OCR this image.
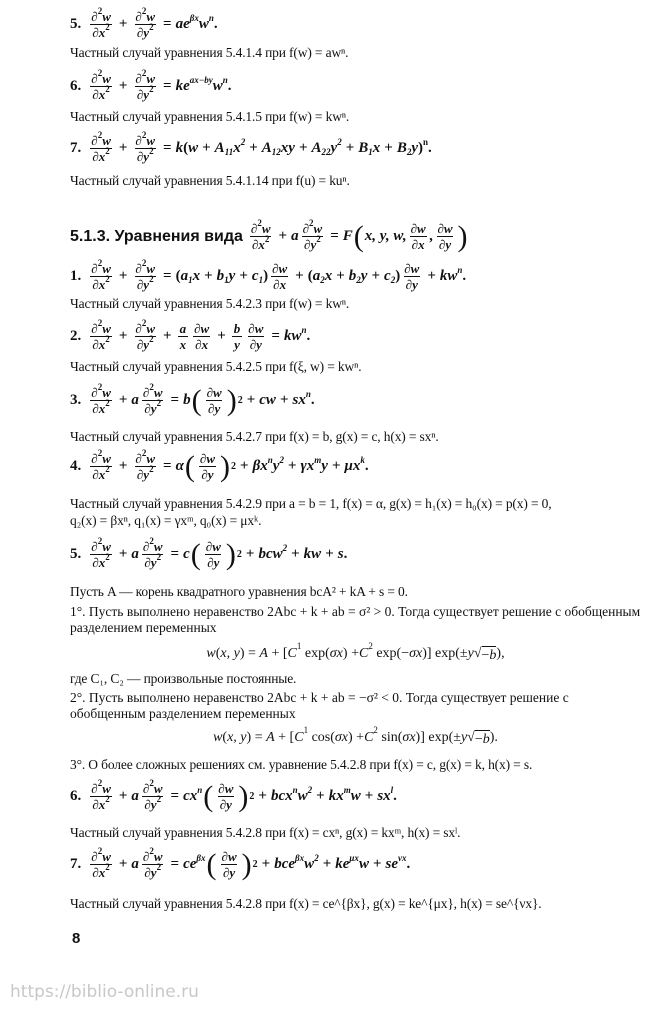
5. $\frac{\partial^2w}{\partial x^2} + \frac{\partial^2w}{\partial y^2} = ae^{\beta x}w^n$ .
Частный случай уравнения 5.4.1.4 при f(w) = awⁿ.
6. $\frac{\partial^2w}{\partial x^2} + \frac{\partial^2w}{\partial y^2} = ke^{ax-by}w^n$ .
Частный случай уравнения 5.4.1.5 при f(w) = kwⁿ.
7. $\frac{\partial^2w}{\partial x^2} + \frac{\partial^2w}{\partial y^2} = k$ ( $w + A_{11}x^2 + A_{12}xy + A_{22}y^2 + B_1x + B_2y$ )$^n$.
Частный случай уравнения 5.4.1.14 при f(u) = kuⁿ.
5.1.3. Уравнения вида $\frac{\partial^2w}{\partial x^2} + a \frac{\partial^2w}{\partial y^2} = F$ ( x, y, w, $\frac{\partial w}{\partial x}$ , $\frac{\partial w}{\partial y}$ )
1. $\frac{\partial^2w}{\partial x^2} + \frac{\partial^2w}{\partial y^2}$ = ( $a_1x + b_1y + c_1$ ) $\frac{\partial w}{\partial x}$ + ( $a_2x + b_2y + c_2$ ) $\frac{\partial w}{\partial y} + kw^n$ .
Частный случай уравнения 5.4.2.3 при f(w) = kwⁿ.
2. $\frac{\partial^2w}{\partial x^2} + \frac{\partial^2w}{\partial y^2} + \frac{a}{x} \frac{\partial w}{\partial x} + \frac{b}{y} \frac{\partial w}{\partial y} = kw^n$ .
Частный случай уравнения 5.4.2.5 при f(ξ, w) = kwⁿ.
3. $\frac{\partial^2w}{\partial x^2} + a \frac{\partial^2w}{\partial y^2} = b$ ( $\frac{\partial w}{\partial y}$ ) 2 + cw + $sx^n$ .
Частный случай уравнения 5.4.2.7 при f(x) = b, g(x) = c, h(x) = sxⁿ.
4. $\frac{\partial^2w}{\partial x^2} + \frac{\partial^2w}{\partial y^2} = \alpha$ ( $\frac{\partial w}{\partial y}$ ) $2 + \beta x^ny^2 + \gamma x^my + \mu x^k$ .
Частный случай уравнения 5.4.2.9 при a = b = 1, f(x) = α, g(x) = h₁(x) = h₀(x) = p(x) = 0,
q₂(x) = βxⁿ, q₁(x) = γxᵐ, q₀(x) = μxᵏ.
5. $\frac{\partial^2w}{\partial x^2} + a \frac{\partial^2w}{\partial y^2} = c$ ( $\frac{\partial w}{\partial y}$ ) 2 + bcw$^2$ + kw + s .
Пусть A — корень квадратного уравнения bcA² + kA + s = 0.
1°. Пусть выполнено неравенство 2Abc + k + ab = σ² > 0. Тогда существует решение с обобщенным разделением переменных
w ( x, y ) = A + [ C 1 exp( σx ) + C 2 exp(− σx )] exp(± y √ −b ),
где C₁, C₂ — произвольные постоянные.
2°. Пусть выполнено неравенство 2Abc + k + ab = −σ² < 0. Тогда существует решение с обобщенным разделением переменных
w ( x, y ) = A + [ C 1 cos( σx ) + C 2 sin( σx )] exp(± y √ −b ).
3°. О более сложных решениях см. уравнение 5.4.2.8 при f(x) = c, g(x) = k, h(x) = s.
6. $\frac{\partial^2w}{\partial x^2} + a \frac{\partial^2w}{\partial y^2} = cx^n$ ( $\frac{\partial w}{\partial y}$ ) $2 + bcx^nw^2 + kx^mw + sx^l$ .
Частный случай уравнения 5.4.2.8 при f(x) = cxⁿ, g(x) = kxᵐ, h(x) = sxˡ.
7. $\frac{\partial^2w}{\partial x^2} + a \frac{\partial^2w}{\partial y^2} = ce^{\beta x}$ ( $\frac{\partial w}{\partial y}$ ) $2 + bce^{\beta x}w^2 + ke^{\mu x}w + se^{\nu x}$ .
Частный случай уравнения 5.4.2.8 при f(x) = ce^{βx}, g(x) = ke^{μx}, h(x) = se^{νx}.
8
https://biblio-online.ru
